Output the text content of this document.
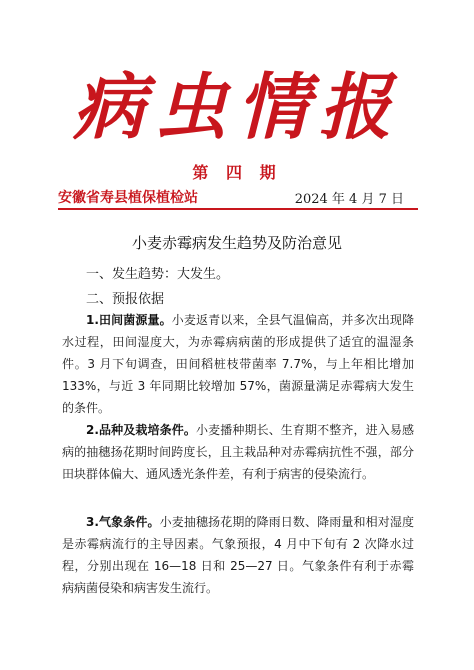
病虫情报
第 四 期
安徽省寿县植保植检站	2024 年 4 月 7 日
小麦赤霉病发生趋势及防治意见
一、发生趋势：大发生。
二、预报依据

1.田间菌源量。小麦返青以来，全县气温偏高，并多次出现降水过程，田间湿度大，为赤霉病病菌的形成提供了适宜的温湿条件。3 月下旬调查，田间稻桩枝带菌率 7.7%，与上年相比增加 133%，与近 3 年同期比较增加 57%，菌源量满足赤霉病大发生的条件。

2.品种及栽培条件。小麦播种期长、生育期不整齐，进入易感病的抽穗扬花期时间跨度长，且主栽品种对赤霉病抗性不强，部分田块群体偏大、通风透光条件差，有利于病害的侵染流行。

3.气象条件。小麦抽穗扬花期的降雨日数、降雨量和相对湿度是赤霉病流行的主导因素。气象预报，4 月中下旬有 2 次降水过程，分别出现在 16—18 日和 25—27 日。气象条件有利于赤霉病病菌侵染和病害发生流行。
